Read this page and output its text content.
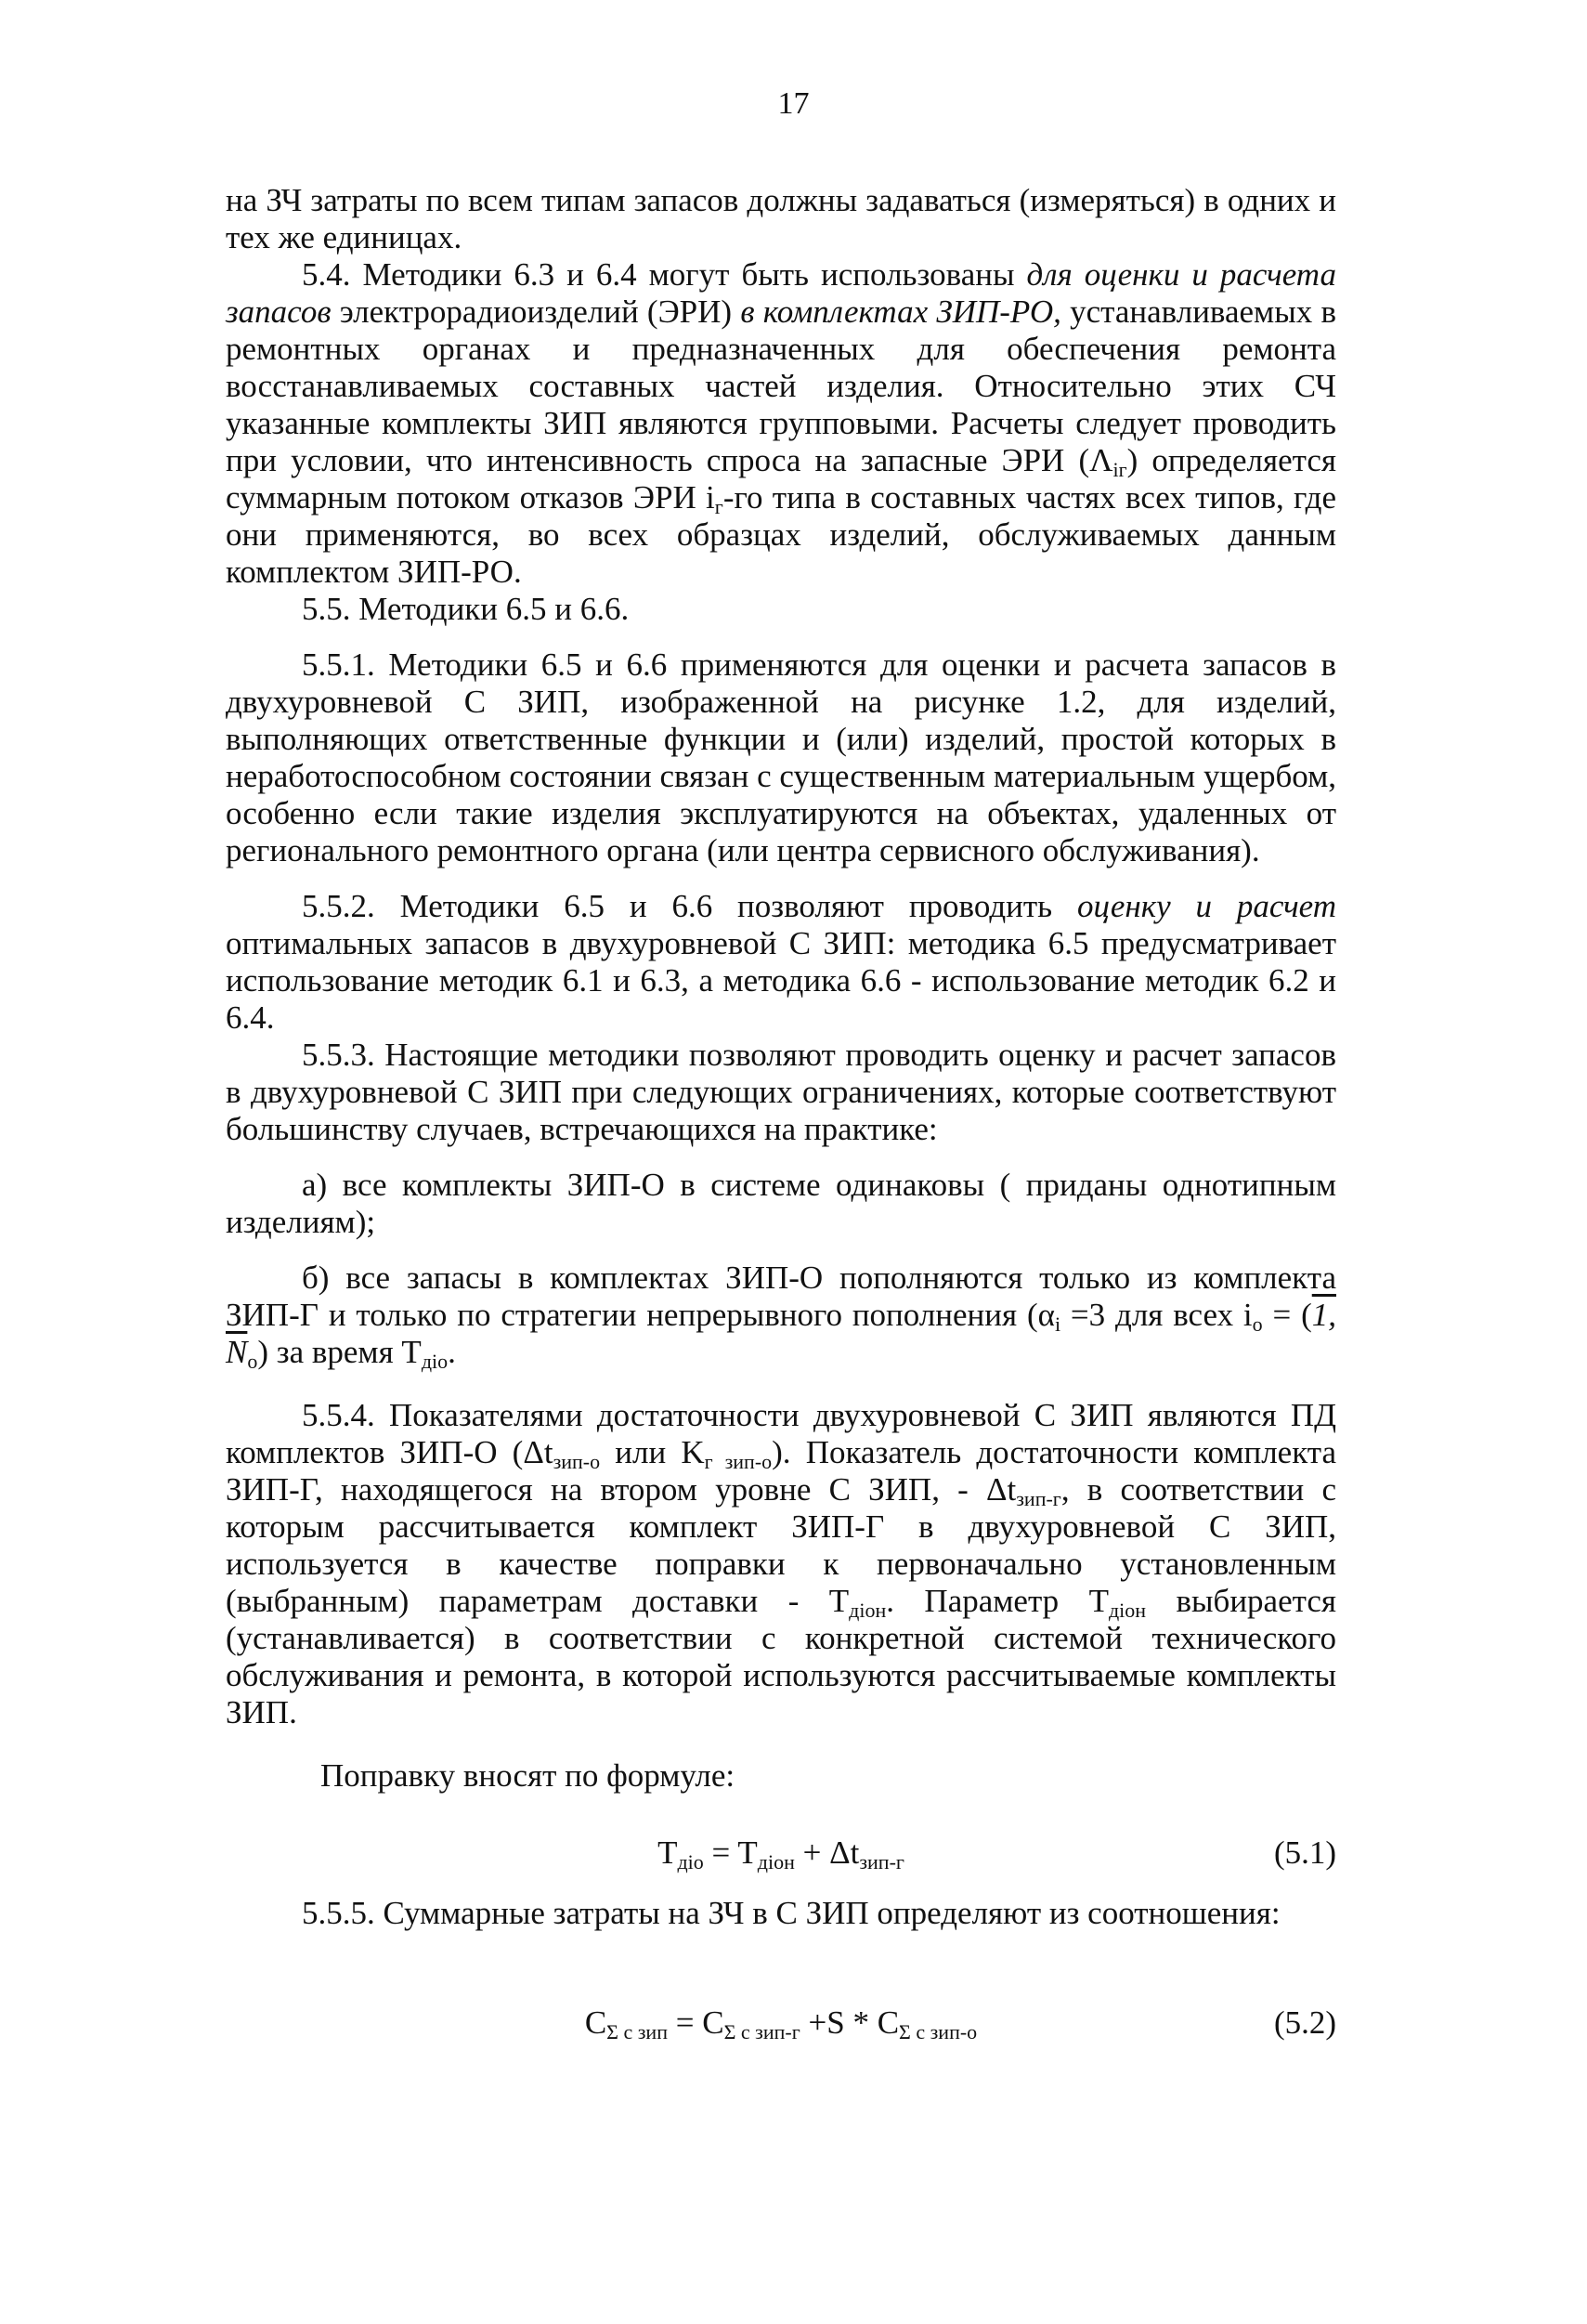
17

на ЗЧ затраты по всем типам запасов должны задаваться (измеряться) в одних и тех же единицах.

5.4. Методики 6.3 и 6.4 могут быть использованы для оценки и расчета запасов электрорадиоизделий (ЭРИ) в комплектах ЗИП-РО, устанавливаемых в ремонтных органах и предназначенных для обеспечения ремонта восстанавливаемых составных частей изделия. Относительно этих СЧ указанные комплекты ЗИП являются групповыми. Расчеты следует проводить при условии, что интенсивность спроса на запасные ЭРИ $(\Lambda_{iг})$ определяется суммарным потоком отказов ЭРИ $i_г-го$ типа в составных частях всех типов, где они применяются, во всех образцах изделий, обслуживаемых данным комплектом ЗИП-РО.

5.5. Методики 6.5 и 6.6.

5.5.1. Методики 6.5 и 6.6 применяются для оценки и расчета запасов в двухуровневой С ЗИП, изображенной на рисунке 1.2, для изделий, выполняющих ответственные функции и (или) изделий, простой которых в неработоспособном состоянии связан с существенным материальным ущербом, особенно если такие изделия эксплуатируются на объектах, удаленных от регионального ремонтного органа (или центра сервисного обслуживания).

5.5.2. Методики 6.5 и 6.6 позволяют проводить оценку и расчет оптимальных запасов в двухуровневой С ЗИП: методика 6.5 предусматривает использование методик 6.1 и 6.3, а методика 6.6 - использование методик 6.2 и 6.4.

5.5.3. Настоящие методики позволяют проводить оценку и расчет запасов в двухуровневой С ЗИП при следующих ограничениях, которые соответствуют большинству случаев, встречающихся на практике:

а) все комплекты ЗИП-О в системе одинаковы ( приданы однотипным изделиям);

б) все запасы в комплектах ЗИП-О пополняются только из комплекта ЗИП-Г и только по стратегии непрерывного пополнения ($\alpha_i =3$ для всех $i_o = (1$, $N_o$) за время $T_{дio}$.

5.5.4. Показателями достаточности двухуровневой С ЗИП являются ПД комплектов ЗИП-О ($\Delta t_{зип-о}$ или $K_{г зип-о}$). Показатель достаточности комплекта ЗИП-Г, находящегося на втором уровне С ЗИП, - $\Delta t_{зип-г}$, в соответствии с которым рассчитывается комплект ЗИП-Г в двухуровневой С ЗИП, используется в качестве поправки к первоначально установленным (выбранным) параметрам доставки - $T_{дioн}$. Параметр $T_{дioн}$ выбирается (устанавливается) в соответствии с конкретной системой технического обслуживания и ремонта, в которой используются рассчитываемые комплекты ЗИП.

Поправку вносят по формуле:

$T_{дio} = T_{дioн} + \Delta t_{зип-г}$	(5.1)

5.5.5. Суммарные затраты на ЗЧ в С ЗИП определяют из соотношения:

$C_{\Sigma с зип} = C_{\Sigma с зип-г} +S * C_{\Sigma с зип-о}$	(5.2)
